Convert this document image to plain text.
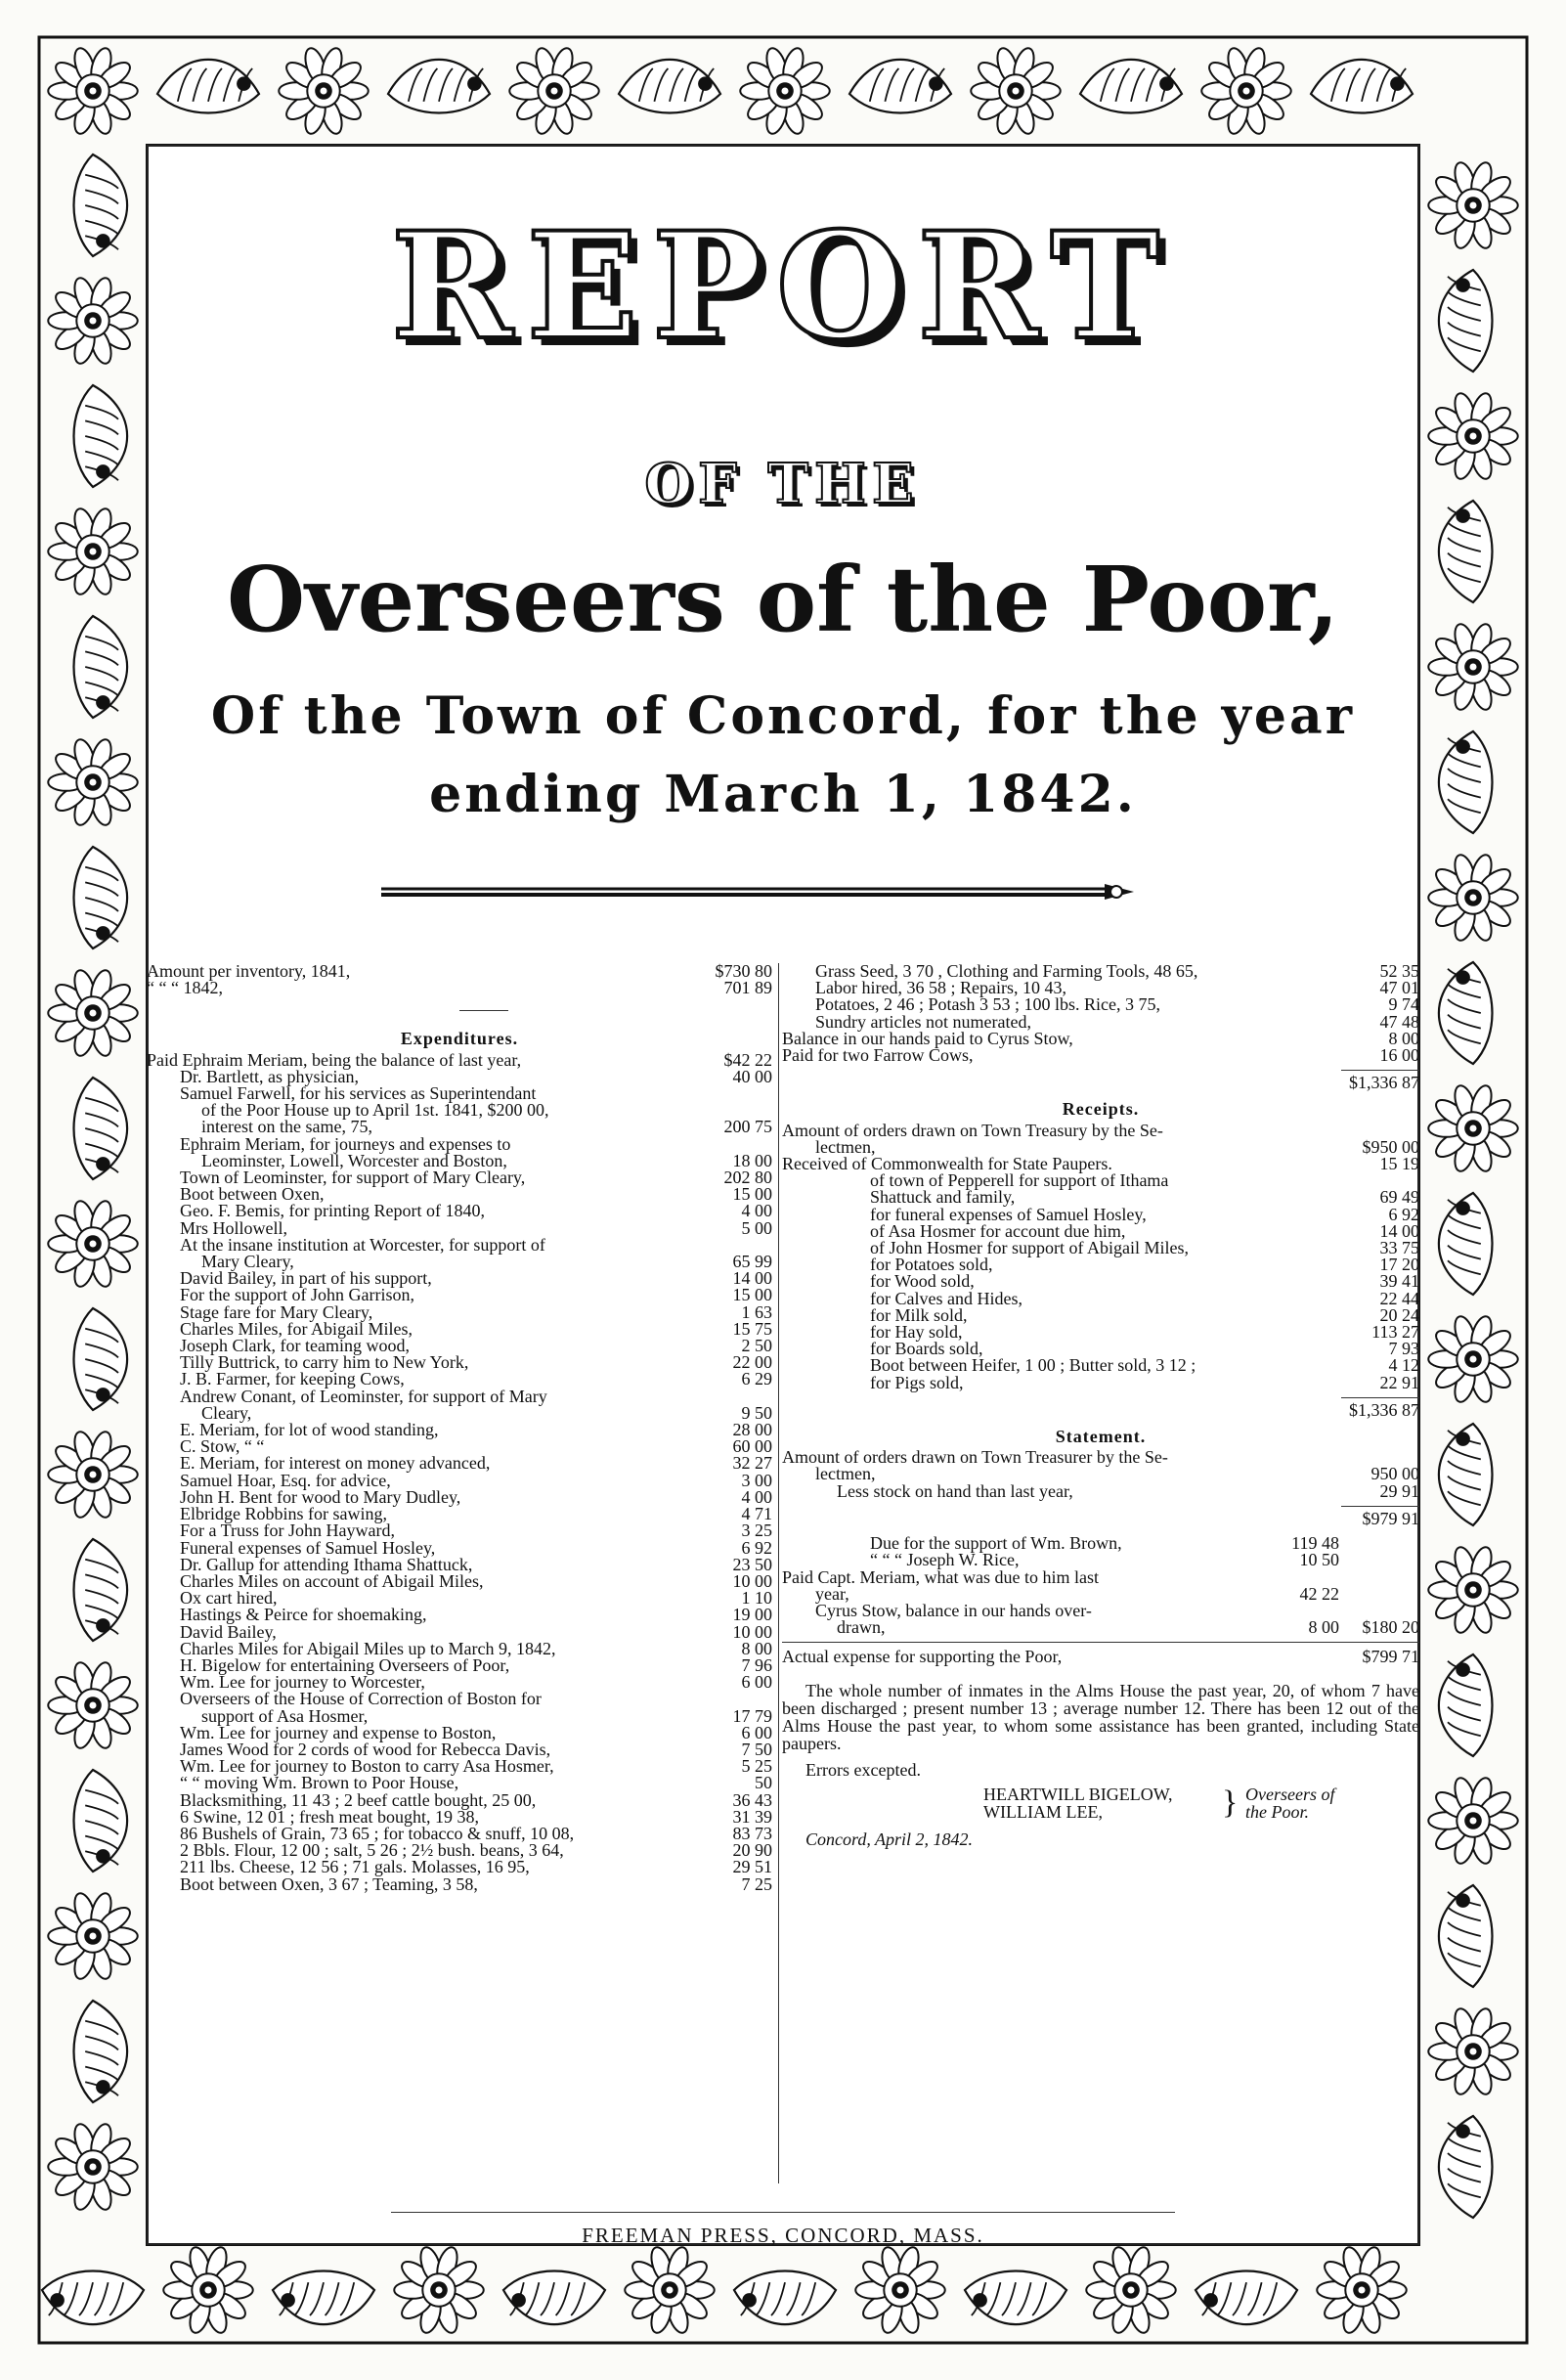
REPORT
OF THE
Overseers of the Poor,
Of the Town of Concord, for the year
ending March 1, 1842.
Amount per inventory, 1841,	$730 80
“ “ “ 1842,	701 89
Expenditures.
Paid Ephraim Meriam, being the balance of last year,	$42 22
Dr. Bartlett, as physician,	40 00
Samuel Farwell, for his services as Superintendant
of the Poor House up to April 1st. 1841, $200 00,
interest on the same, 75,	200 75
Ephraim Meriam, for journeys and expenses to
Leominster, Lowell, Worcester and Boston,	18 00
Town of Leominster, for support of Mary Cleary,	202 80
Boot between Oxen,	15 00
Geo. F. Bemis, for printing Report of 1840,	4 00
Mrs Hollowell,	5 00
At the insane institution at Worcester, for support of
Mary Cleary,	65 99
David Bailey, in part of his support,	14 00
For the support of John Garrison,	15 00
Stage fare for Mary Cleary,	1 63
Charles Miles, for Abigail Miles,	15 75
Joseph Clark, for teaming wood,	2 50
Tilly Buttrick, to carry him to New York,	22 00
J. B. Farmer, for keeping Cows,	6 29
Andrew Conant, of Leominster, for support of Mary
Cleary,	9 50
E. Meriam, for lot of wood standing,	28 00
C. Stow, “ “	60 00
E. Meriam, for interest on money advanced,	32 27
Samuel Hoar, Esq. for advice,	3 00
John H. Bent for wood to Mary Dudley,	4 00
Elbridge Robbins for sawing,	4 71
For a Truss for John Hayward,	3 25
Funeral expenses of Samuel Hosley,	6 92
Dr. Gallup for attending Ithama Shattuck,	23 50
Charles Miles on account of Abigail Miles,	10 00
Ox cart hired,	1 10
Hastings & Peirce for shoemaking,	19 00
David Bailey,	10 00
Charles Miles for Abigail Miles up to March 9, 1842,	8 00
H. Bigelow for entertaining Overseers of Poor,	7 96
Wm. Lee for journey to Worcester,	6 00
Overseers of the House of Correction of Boston for
support of Asa Hosmer,	17 79
Wm. Lee for journey and expense to Boston,	6 00
James Wood for 2 cords of wood for Rebecca Davis,	7 50
Wm. Lee for journey to Boston to carry Asa Hosmer,	5 25
“ “ moving Wm. Brown to Poor House,	50
Blacksmithing, 11 43 ; 2 beef cattle bought, 25 00,	36 43
6 Swine, 12 01 ; fresh meat bought, 19 38,	31 39
86 Bushels of Grain, 73 65 ; for tobacco & snuff, 10 08,	83 73
2 Bbls. Flour, 12 00 ; salt, 5 26 ; 2½ bush. beans, 3 64,	20 90
211 lbs. Cheese, 12 56 ; 71 gals. Molasses, 16 95,	29 51
Boot between Oxen, 3 67 ; Teaming, 3 58,	7 25
Grass Seed, 3 70 , Clothing and Farming Tools, 48 65,	52 35
Labor hired, 36 58 ; Repairs, 10 43,	47 01
Potatoes, 2 46 ; Potash 3 53 ; 100 lbs. Rice, 3 75,	9 74
Sundry articles not numerated,	47 48
Balance in our hands paid to Cyrus Stow,	8 00
Paid for two Farrow Cows,	16 00
$1,336 87
Receipts.
Amount of orders drawn on Town Treasury by the Se-
lectmen,	$950 00
Received of Commonwealth for State Paupers.	15 19
of town of Pepperell for support of Ithama
Shattuck and family,	69 49
for funeral expenses of Samuel Hosley,	6 92
of Asa Hosmer for account due him,	14 00
of John Hosmer for support of Abigail Miles,	33 75
for Potatoes sold,	17 20
for Wood sold,	39 41
for Calves and Hides,	22 44
for Milk sold,	20 24
for Hay sold,	113 27
for Boards sold,	7 93
Boot between Heifer, 1 00 ; Butter sold, 3 12 ;	4 12
for Pigs sold,	22 91
$1,336 87
Statement.
Amount of orders drawn on Town Treasurer by the Se-
lectmen,	950 00
Less stock on hand than last year,	29 91
$979 91
Due for the support of Wm. Brown,	119 48
“ “ “ Joseph W. Rice,	10 50
Paid Capt. Meriam, what was due to him last
year,	42 22
Cyrus Stow, balance in our hands over-
drawn,	8 00	$180 20
Actual expense for supporting the Poor,	$799 71
The whole number of inmates in the Alms House the past year, 20, of whom 7 have been discharged ; present number 13 ; average number 12. There has been 12 out of the Alms House the past year, to whom some assistance has been granted, including State paupers.
Errors excepted.
HEARTWILL BIGELOW,
WILLIAM LEE,	} Overseers of
the Poor.
Concord, April 2, 1842.
FREEMAN PRESS, CONCORD, MASS.
